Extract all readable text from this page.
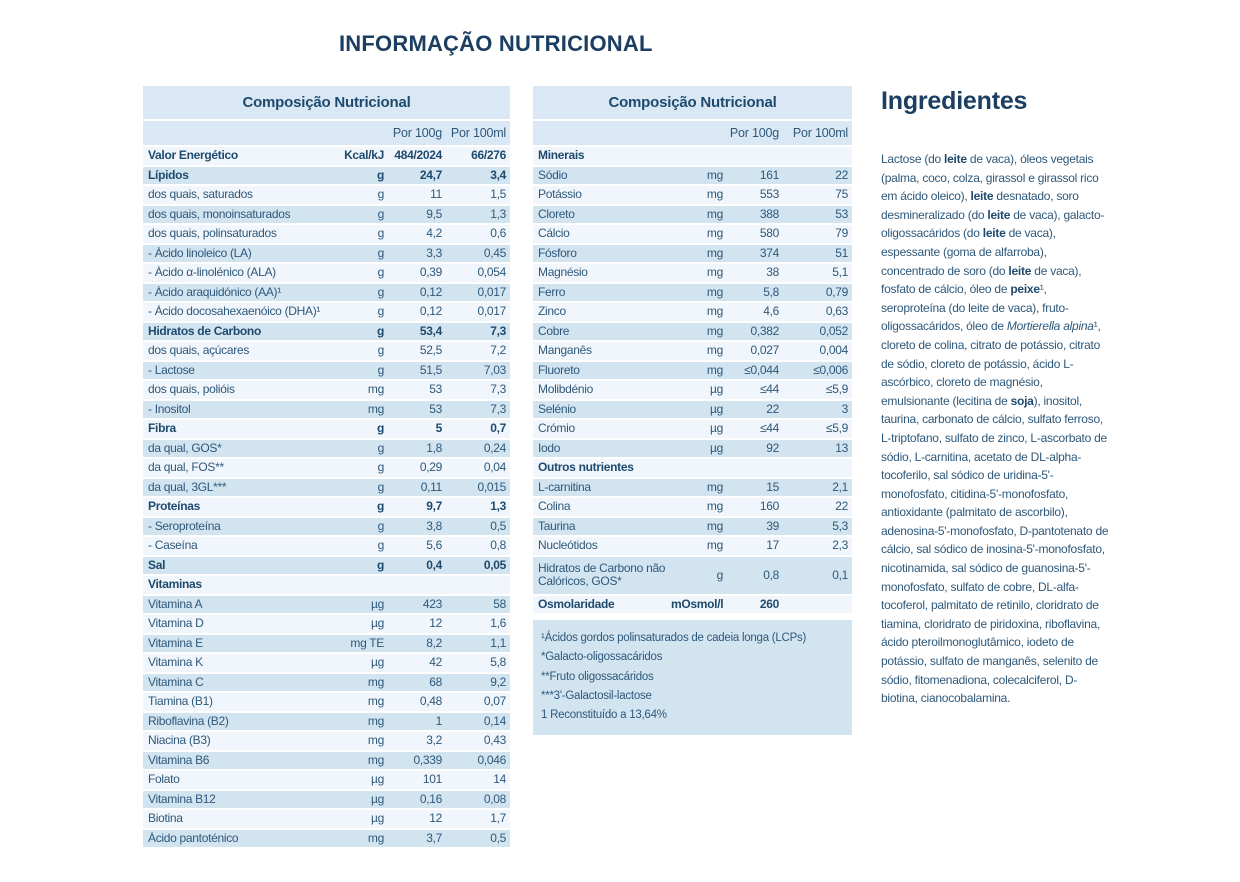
INFORMAÇÃO NUTRICIONAL
Composição Nutricional
Por 100g Por 100ml
Valor Energético	Kcal/kJ 484/2024	66/276
Lípidos	g	24,7	3,4
dos quais, saturados	g	11	1,5
dos quais, monoinsaturados	g	9,5	1,3
dos quais, polinsaturados	g	4,2	0,6
- Ácido linoleico (LA)	g	3,3	0,45
- Ácido α-linolénico (ALA)	g	0,39	0,054
- Ácido araquidónico (AA)¹	g	0,12	0,017
- Ácido docosahexaenóico (DHA)¹	g	0,12	0,017
Hidratos de Carbono	g	53,4	7,3
dos quais, açúcares	g	52,5	7,2
- Lactose	g	51,5	7,03
dos quais, polióis	mg	53	7,3
- Inositol	mg	53	7,3
Fibra	g	5	0,7
da qual, GOS*	g	1,8	0,24
da qual, FOS**	g	0,29	0,04
da qual, 3GL***	g	0,11	0,015
Proteínas	g	9,7	1,3
- Seroproteína	g	3,8	0,5
- Caseína	g	5,6	0,8
Sal	g	0,4	0,05
Vitaminas
Vitamina A	µg	423	58
Vitamina D	µg	12	1,6
Vitamina E	mg TE	8,2	1,1
Vitamina K	µg	42	5,8
Vitamina C	mg	68	9,2
Tiamina (B1)	mg	0,48	0,07
Riboflavina (B2)	mg	1	0,14
Niacina (B3)	mg	3,2	0,43
Vitamina B6	mg	0,339	0,046
Folato	µg	101	14
Vitamina B12	µg	0,16	0,08
Biotina	µg	12	1,7
Ácido pantoténico	mg	3,7	0,5
Composição Nutricional
Por 100g	Por 100ml
Minerais
Sódio	mg	161	22
Potássio	mg	553	75
Cloreto	mg	388	53
Cálcio	mg	580	79
Fósforo	mg	374	51
Magnésio	mg	38	5,1
Ferro	mg	5,8	0,79
Zinco	mg	4,6	0,63
Cobre	mg	0,382	0,052
Manganês	mg	0,027	0,004
Fluoreto	mg	≤0,044	≤0,006
Molibdénio	µg	≤44	≤5,9
Selénio	µg	22	3
Crómio	µg	≤44	≤5,9
Iodo	µg	92	13
Outros nutrientes
L-carnitina	mg	15	2,1
Colina	mg	160	22
Taurina	mg	39	5,3
Nucleótidos	mg	17	2,3
Hidratos de Carbono não Calóricos, GOS*	g	0,8	0,1
Osmolaridade	mOsmol/l	260
¹Ácidos gordos polinsaturados de cadeia longa (LCPs)
*Galacto-oligossacáridos
**Fruto oligossacáridos
***3'-Galactosil-lactose
1 Reconstituído a 13,64%
Ingredientes

Lactose (do leite de vaca), óleos vegetais (palma, coco, colza, girassol e girassol rico em ácido oleico), leite desnatado, soro desmineralizado (do leite de vaca), galacto-oligossacáridos (do leite de vaca), espessante (goma de alfarroba), concentrado de soro (do leite de vaca), fosfato de cálcio, óleo de peixe¹, seroproteína (do leite de vaca), fruto-oligossacáridos, óleo de Mortierella alpina¹, cloreto de colina, citrato de potássio, citrato de sódio, cloreto de potássio, ácido L-ascórbico, cloreto de magnésio, emulsionante (lecitina de soja), inositol, taurina, carbonato de cálcio, sulfato ferroso, L-triptofano, sulfato de zinco, L-ascorbato de sódio, L-carnitina, acetato de DL-alpha-tocoferilo, sal sódico de uridina-5'-monofosfato, citidina-5'-monofosfato, antioxidante (palmitato de ascorbilo), adenosina-5'-monofosfato, D-pantotenato de cálcio, sal sódico de inosina-5'-monofosfato, nicotinamida, sal sódico de guanosina-5'-monofosfato, sulfato de cobre, DL-alfa-tocoferol, palmitato de retinilo, cloridrato de tiamina, cloridrato de piridoxina, riboflavina, ácido pteroilmonoglutâmico, iodeto de potássio, sulfato de manganês, selenito de sódio, fitomenadiona, colecalciferol, D-biotina, cianocobalamina.
